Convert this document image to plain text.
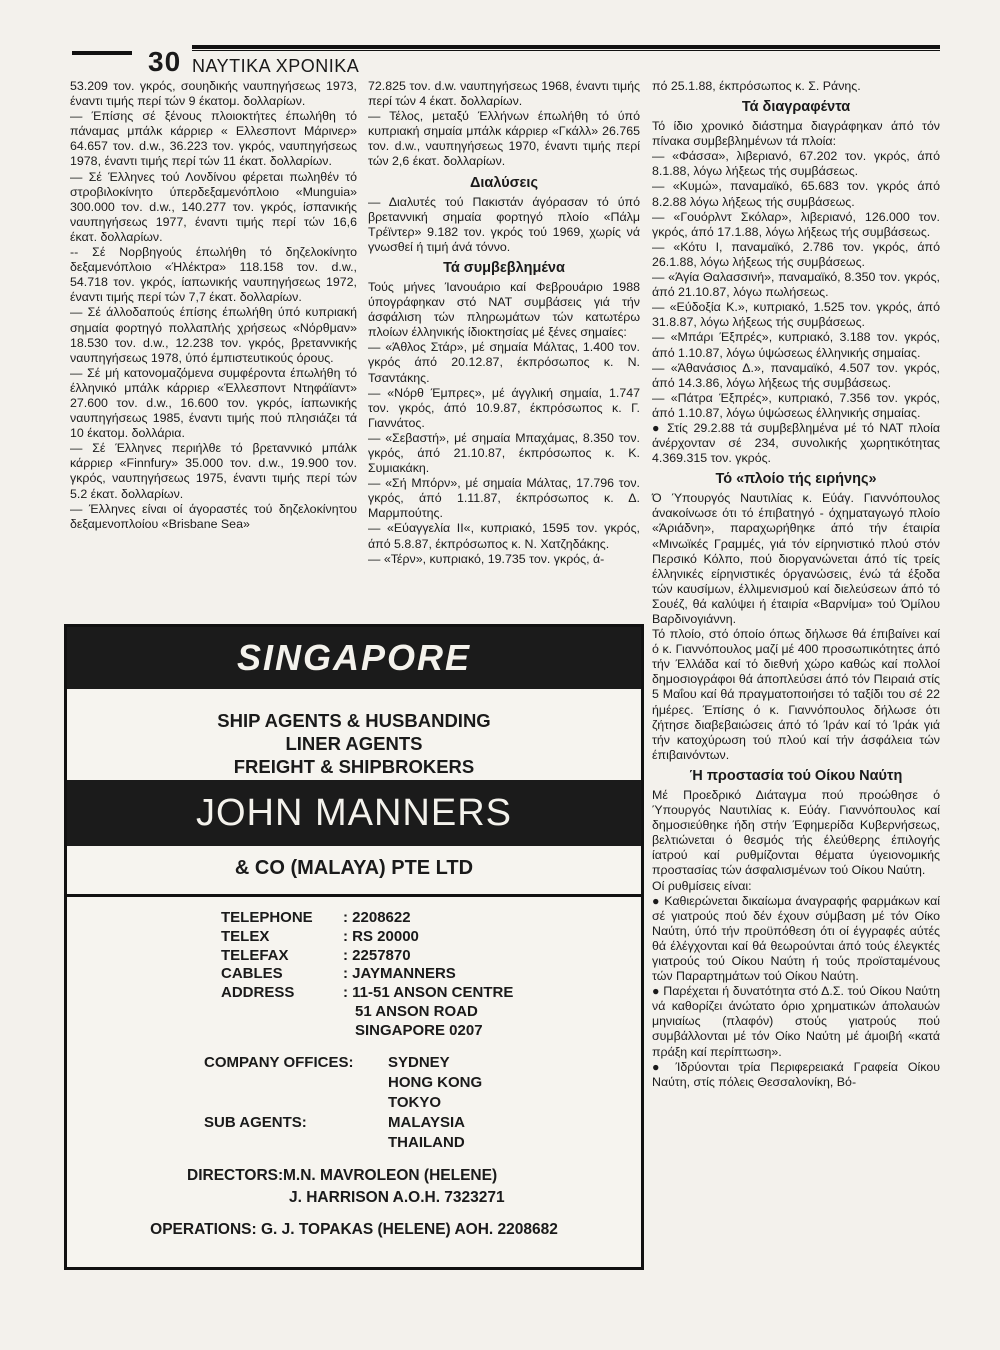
30 ΝΑΥΤΙΚΑ ΧΡΟΝΙΚΑ

53.209 τον. γκρός, σουηδικής ναυπηγήσεως 1973, έναντι τιμής περί τών 9 έκατομ. δολλαρίων.

— Έπίσης σέ ξένους πλοιοκτήτες έπωλήθη τό πάναμας μπάλκ κάρριερ « Ελλεσποντ Μάρινερ» 64.657 τον. d.w., 36.223 τον. γκρός, ναυπηγήσεως 1978, έναντι τιμής περί τών 11 έκατ. δολλαρίων.

— Σέ Έλληνες τού Λονδίνου φέρεται πωληθέν τό στροβιλοκίνητο ύπερδεξαμενόπλοιο «Munguia» 300.000 τον. d.w., 140.277 τον. γκρός, ίσπανικής ναυπηγήσεως 1977, έναντι τιμής περί τών 16,6 έκατ. δολλαρίων.

-- Σέ Νορβηγούς έπωλήθη τό δηζελοκίνητο δεξαμενόπλοιο «Ήλέκτρα» 118.158 τον. d.w., 54.718 τον. γκρός, ίαπωνικής ναυπηγήσεως 1972, έναντι τιμής περί τών 7,7 έκατ. δολλαρίων.

— Σέ άλλοδαπούς έπίσης έπωλήθη ύπό κυπριακή σημαία φορτηγό πολλαπλής χρήσεως «Νόρθμαν» 18.530 τον. d.w., 12.238 τον. γκρός, βρεταννικής ναυπηγήσεως 1978, ύπό έμπιστευτικούς όρους.

— Σέ μή κατονομαζόμενα συμφέροντα έπωλήθη τό έλληνικό μπάλκ κάρριερ «Έλλεσποντ Ντηφάϊαντ» 27.600 τον. d.w., 16.600 τον. γκρός, ίαπωνικής ναυπηγήσεως 1985, έναντι τιμής πού πλησιάζει τά 10 έκατομ. δολλάρια.

— Σέ Έλληνες περιήλθε τό βρεταννικό μπάλκ κάρριερ «Finnfury» 35.000 τον. d.w., 19.900 τον. γκρός, ναυπηγήσεως 1975, έναντι τιμής περί τών 5.2 έκατ. δολλαρίων.

— Έλληνες είναι οί άγοραστές τού δηζελοκίνητου δεξαμενοπλοίου «Brisbane Sea»

72.825 τον. d.w. ναυπηγήσεως 1968, έναντι τιμής περί τών 4 έκατ. δολλαρίων.

— Τέλος, μεταξύ Έλλήνων έπωλήθη τό ύπό κυπριακή σημαία μπάλκ κάρριερ «Γκάλλ» 26.765 τον. d.w., ναυπηγήσεως 1970, έναντι τιμής περί τών 2,6 έκατ. δολλαρίων.

Διαλύσεις

— Διαλυτές τού Πακιστάν άγόρασαν τό ύπό βρεταννική σημαία φορτηγό πλοίο «Πάλμ Τρέϊντερ» 9.182 τον. γκρός τού 1969, χωρίς νά γνωσθεί ή τιμή άνά τόννο.

Τά συμβεβλημένα

Τούς μήνες Ίανουάριο καί Φεβρουάριο 1988 ύπογράφηκαν στό ΝΑΤ συμβάσεις γιά τήν άσφάλιση τών πληρωμάτων τών κατωτέρω πλοίων έλληνικής ίδιοκτησίας μέ ξένες σημαίες:

— «Άθλος Στάρ», μέ σημαία Μάλτας, 1.400 τον. γκρός άπό 20.12.87, έκπρόσωπος κ. Ν. Τσαντάκης.

— «Νόρθ Έμπρες», μέ άγγλική σημαία, 1.747 τον. γκρός, άπό 10.9.87, έκπρόσωπος κ. Γ. Γιαννάτος.

— «Σεβαστή», μέ σημαία Μπαχάμας, 8.350 τον. γκρός, άπό 21.10.87, έκπρόσωπος κ. Κ. Συμιακάκη.

— «Σή Μπόρν», μέ σημαία Μάλτας, 17.796 τον. γκρός, άπό 1.11.87, έκπρόσωπος κ. Δ. Μαρμπούτης.

— «Εύαγγελία ΙΙ«, κυπριακό, 1595 τον. γκρός, άπό 5.8.87, έκπρόσωπος κ. Ν. Χατζηδάκης.

— «Τέρν», κυπριακό, 19.735 τον. γκρός, ά-

πό 25.1.88, έκπρόσωπος κ. Σ. Ράνης.

Τά διαγραφέντα

Τό ίδιο χρονικό διάστημα διαγράφηκαν άπό τόν πίνακα συμβεβλημένων τά πλοία:

— «Φάσσα», λιβεριανό, 67.202 τον. γκρός, άπό 8.1.88, λόγω λήξεως τής συμβάσεως.

— «Κυμώ», παναμαϊκό, 65.683 τον. γκρός άπό 8.2.88 λόγω λήξεως τής συμβάσεως.

— «Γουόρλντ Σκόλαρ», λιβεριανό, 126.000 τον. γκρός, άπό 17.1.88, λόγω λήξεως τής συμβάσεως.

— «Κότυ Ι, παναμαϊκό, 2.786 τον. γκρός, άπό 26.1.88, λόγω λήξεως τής συμβάσεως.

— «Άγία Θαλασσινή», παναμαϊκό, 8.350 τον. γκρός, άπό 21.10.87, λόγω πωλήσεως.

— «Εύδοξία Κ.», κυπριακό, 1.525 τον. γκρός, άπό 31.8.87, λόγω λήξεως τής συμβάσεως.

— «Μπάρι Έξπρές», κυπριακό, 3.188 τον. γκρός, άπό 1.10.87, λόγω ύψώσεως έλληνικής σημαίας.

— «Άθανάσιος Δ.», παναμαϊκό, 4.507 τον. γκρός, άπό 14.3.86, λόγω λήξεως τής συμβάσεως.

— «Πάτρα Έξπρές», κυπριακό, 7.356 τον. γκρός, άπό 1.10.87, λόγω ύψώσεως έλληνικής σημαίας.

● Στίς 29.2.88 τά συμβεβλημένα μέ τό ΝΑΤ πλοία άνέρχονταν σέ 234, συνολικής χωρητικότητας 4.369.315 τον. γκρός.

Τό «πλοίο τής ειρήνης»

Ό Ύπουργός Ναυτιλίας κ. Εύάγ. Γιαννόπουλος άνακοίνωσε ότι τό έπιβατηγό - όχηματαγωγό πλοίο «Άριάδνη», παραχωρήθηκε άπό τήν έταιρία «Μινωϊκές Γραμμές, γιά τόν είρηνιστικό πλού στόν Περσικό Κόλπο, πού διοργανώνεται άπό τίς τρείς έλληνικές είρηνιστικές όργανώσεις, ένώ τά έξοδα τών καυσίμων, έλλιμενισμού καί διελεύσεων άπό τό Σουέζ, θά καλύψει ή έταιρία «Βαρνίμα» τού Όμίλου Βαρδινογιάννη.

Τό πλοίο, στό όποίο όπως δήλωσε θά έπιβαίνει καί ό κ. Γιαννόπουλος μαζί μέ 400 προσωπικότητες άπό τήν Έλλάδα καί τό διεθνή χώρο καθώς καί πολλοί δημοσιογράφοι θά άποπλεύσει άπό τόν Πειραιά στίς 5 Μαΐου καί θά πραγματοποιήσει τό ταξίδι του σέ 22 ήμέρες. Έπίσης ό κ. Γιαννόπουλος δήλωσε ότι ζήτησε διαβεβαιώσεις άπό τό Ίράν καί τό Ίράκ γιά τήν κατοχύρωση τού πλού καί τήν άσφάλεια τών έπιβαινόντων.

Ή προστασία τού Οίκου Ναύτη

Μέ Προεδρικό Διάταγμα πού προώθησε ό Ύπουργός Ναυτιλίας κ. Εύάγ. Γιαννόπουλος καί δημοσιεύθηκε ήδη στήν Έφημερίδα Κυβερνήσεως, βελτιώνεται ό θεσμός τής έλεύθερης έπιλογής ίατρού καί ρυθμίζονται θέματα ύγειονομικής προστασίας τών άσφαλισμένων τού Οίκου Ναύτη.

Οί ρυθμίσεις είναι:

● Καθιερώνεται δικαίωμα άναγραφής φαρμάκων καί σέ γιατρούς πού δέν έχουν σύμβαση μέ τόν Οίκο Ναύτη, ύπό τήν προϋπόθεση ότι οί έγγραφές αύτές θά έλέγχονται καί θά θεωρούνται άπό τούς έλεγκτές γιατρούς τού Οίκου Ναύτη ή τούς προϊσταμένους τών Παραρτημάτων τού Οίκου Ναύτη.

● Παρέχεται ή δυνατότητα στό Δ.Σ. τού Οίκου Ναύτη νά καθορίζει άνώτατο όριο χρηματικών άπολαυών μηνιαίως (πλαφόν) στούς γιατρούς πού συμβάλλονται μέ τόν Οίκο Ναύτη μέ άμοιβή «κατά πράξη καί περίπτωση».

● Ίδρύονται τρία Περιφερειακά Γραφεία Οίκου Ναύτη, στίς πόλεις Θεσσαλονίκη, Βό-

SINGAPORE
SHIP AGENTS & HUSBANDING
LINER AGENTS
FREIGHT & SHIPBROKERS
JOHN MANNERS
& CO (MALAYA) PTE LTD
TELEPHONE
TELEX
TELEFAX
CABLES
ADDRESS
: 2208622
: RS 20000
: 2257870
: JAYMANNERS
: 11-51 ANSON CENTRE
51 ANSON ROAD
SINGAPORE 0207
COMPANY OFFICES: SYDNEY
HONG KONG
TOKYO
SUB AGENTS:	MALAYSIA
THAILAND
DIRECTORS: M.N. MAVROLEON (HELENE)
J. HARRISON A.O.H. 7323271
OPERATIONS: G. J. TOPAKAS (HELENE) AOH. 2208682
